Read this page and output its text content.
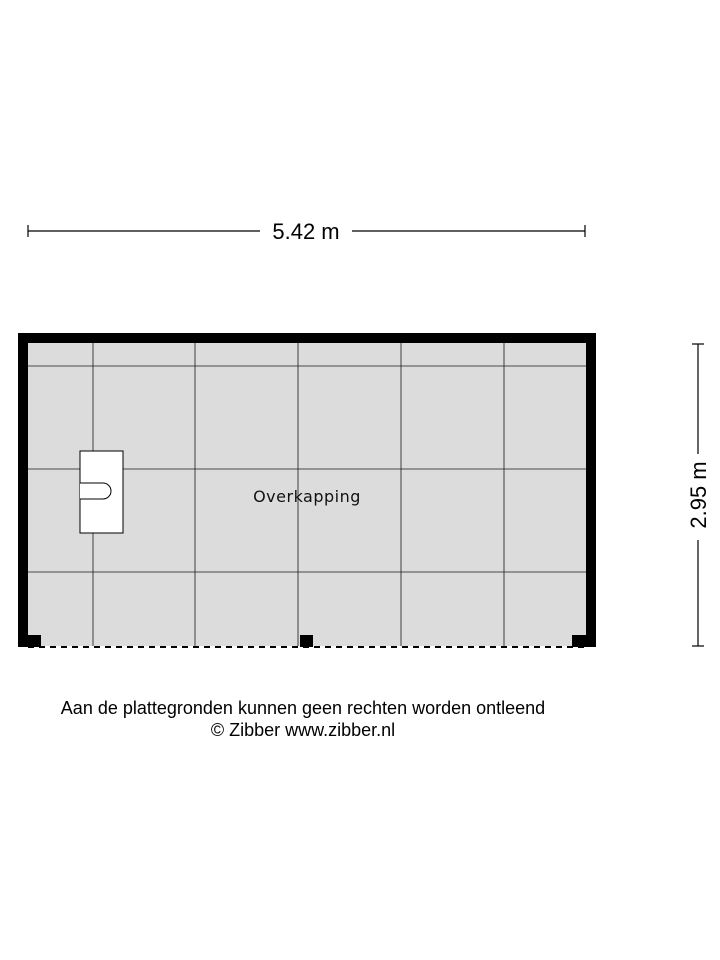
5.42 m
2.95 m
Overkapping
Aan de plattegronden kunnen geen rechten worden ontleend
© Zibber www.zibber.nl
